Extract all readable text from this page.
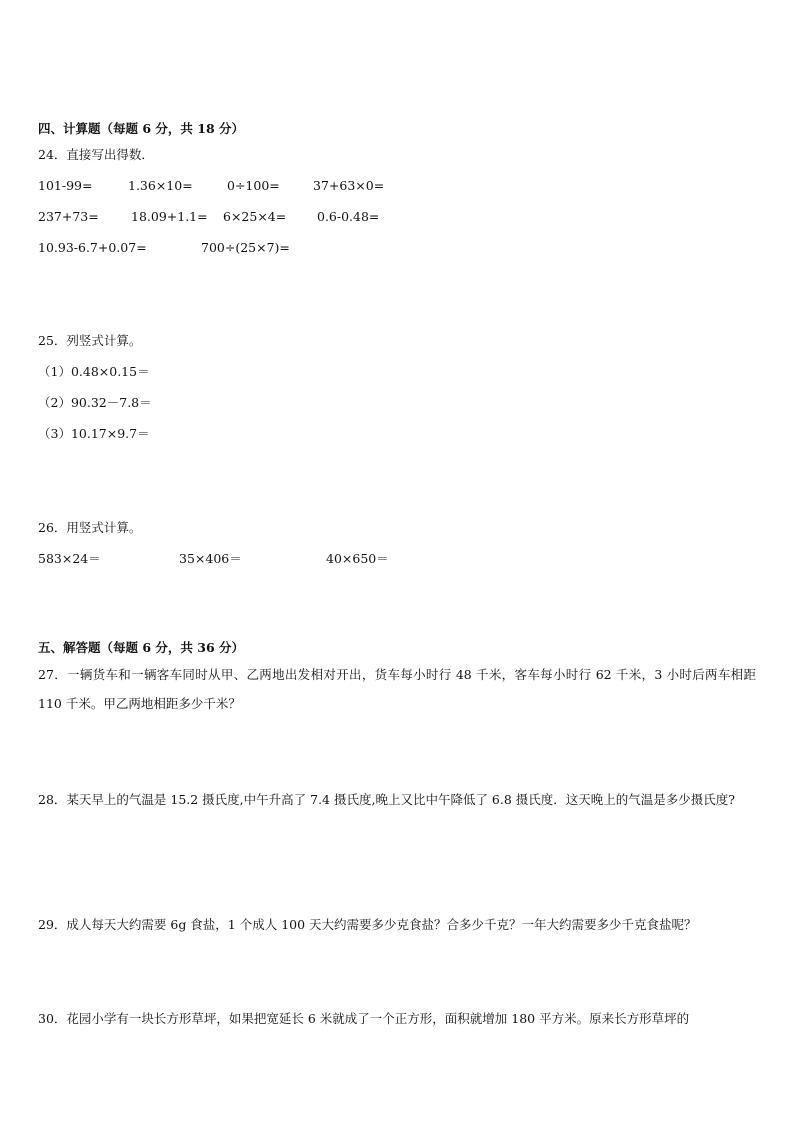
四、计算题（每题 6 分，共 18 分）
24．直接写出得数．
101-99=	1.36×10=	0÷100=	37+63×0=
237+73=	18.09+1.1= 6×25×4= 0.6-0.48=
10.93-6.7+0.07=	700÷(25×7)=
25．列竖式计算。
（1）0.48×0.15＝
（2）90.32－7.8＝
（3）10.17×9.7＝
26．用竖式计算。
583×24＝	35×406＝	40×650＝
五、解答题（每题 6 分，共 36 分）
27．一辆货车和一辆客车同时从甲、乙两地出发相对开出，货车每小时行 48 千米，客车每小时行 62 千米，3 小时后两车相距 110 千米。甲乙两地相距多少千米？
28．某天早上的气温是 15.2 摄氏度,中午升高了 7.4 摄氏度,晚上又比中午降低了 6.8 摄氏度．这天晚上的气温是多少摄氏度?
29．成人每天大约需要 6g 食盐，1 个成人 100 天大约需要多少克食盐？合多少千克？一年大约需要多少千克食盐呢？
30．花园小学有一块长方形草坪，如果把宽延长 6 米就成了一个正方形，面积就增加 180 平方米。原来长方形草坪的
